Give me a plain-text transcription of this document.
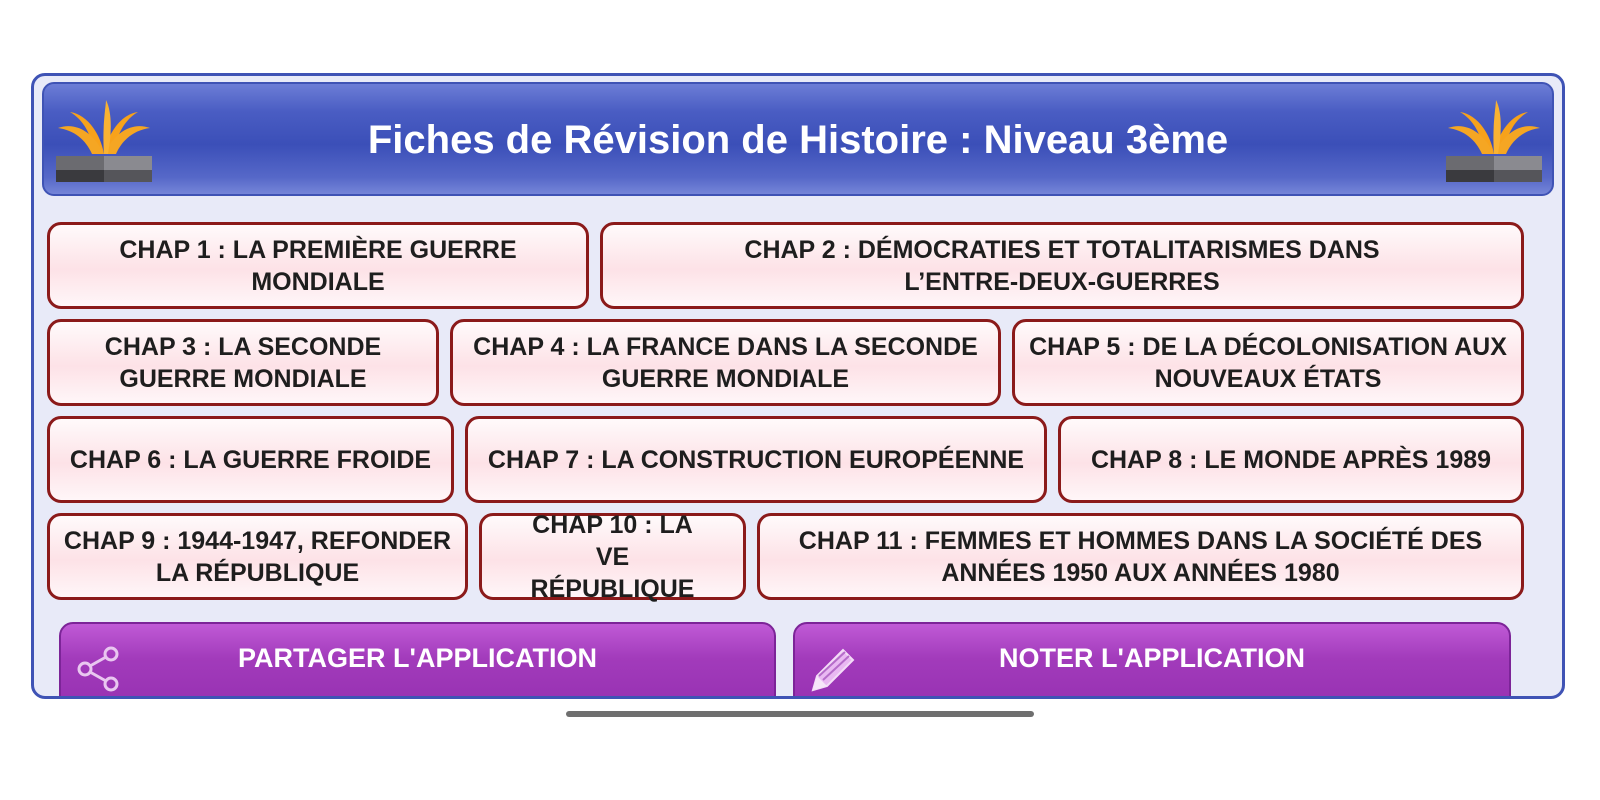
Fiches de Révision de Histoire : Niveau 3ème
CHAP 1 : LA PREMIÈRE GUERRE MONDIALE
CHAP 2 : DÉMOCRATIES ET TOTALITARISMES DANS L’ENTRE-DEUX-GUERRES
CHAP 3 : LA SECONDE GUERRE MONDIALE
CHAP 4 : LA FRANCE DANS LA SECONDE GUERRE MONDIALE
CHAP 5 : DE LA DÉCOLONISATION AUX NOUVEAUX ÉTATS
CHAP 6 : LA GUERRE FROIDE CHAP 7 : LA CONSTRUCTION EUROPÉENNE	CHAP 8 : LE MONDE APRÈS 1989
CHAP 9 : 1944-1947, REFONDER LA RÉPUBLIQUE
CHAP 10 : LA VE RÉPUBLIQUE
CHAP 11 : FEMMES ET HOMMES DANS LA SOCIÉTÉ DES ANNÉES 1950 AUX ANNÉES 1980
PARTAGER L'APPLICATION	NOTER L'APPLICATION
